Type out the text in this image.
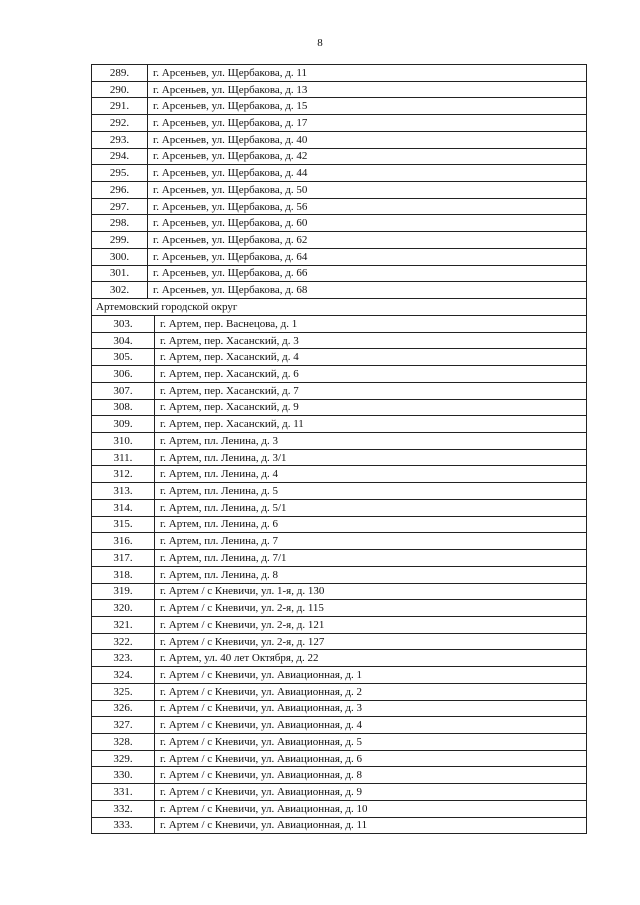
8
289.	г. Арсеньев, ул. Щербакова, д. 11
290.	г. Арсеньев, ул. Щербакова, д. 13
291.	г. Арсеньев, ул. Щербакова, д. 15
292.	г. Арсеньев, ул. Щербакова, д. 17
293.	г. Арсеньев, ул. Щербакова, д. 40
294.	г. Арсеньев, ул. Щербакова, д. 42
295.	г. Арсеньев, ул. Щербакова, д. 44
296.	г. Арсеньев, ул. Щербакова, д. 50
297.	г. Арсеньев, ул. Щербакова, д. 56
298.	г. Арсеньев, ул. Щербакова, д. 60
299.	г. Арсеньев, ул. Щербакова, д. 62
300.	г. Арсеньев, ул. Щербакова, д. 64
301.	г. Арсеньев, ул. Щербакова, д. 66
302.	г. Арсеньев, ул. Щербакова, д. 68
Артемовский городской округ	
303.	г. Артем, пер. Васнецова, д. 1
304.	г. Артем, пер. Хасанский, д. 3
305.	г. Артем, пер. Хасанский, д. 4
306.	г. Артем, пер. Хасанский, д. 6
307.	г. Артем, пер. Хасанский, д. 7
308.	г. Артем, пер. Хасанский, д. 9
309.	г. Артем, пер. Хасанский, д. 11
310.	г. Артем, пл. Ленина, д. 3
311.	г. Артем, пл. Ленина, д. 3/1
312.	г. Артем, пл. Ленина, д. 4
313.	г. Артем, пл. Ленина, д. 5
314.	г. Артем, пл. Ленина, д. 5/1
315.	г. Артем, пл. Ленина, д. 6
316.	г. Артем, пл. Ленина, д. 7
317.	г. Артем, пл. Ленина, д. 7/1
318.	г. Артем, пл. Ленина, д. 8
319.	г. Артем / с Кневичи, ул. 1-я, д. 130
320.	г. Артем / с Кневичи, ул. 2-я, д. 115
321.	г. Артем / с Кневичи, ул. 2-я, д. 121
322.	г. Артем / с Кневичи, ул. 2-я, д. 127
323.	г. Артем, ул. 40 лет Октября, д. 22
324.	г. Артем / с Кневичи, ул. Авиационная, д. 1
325.	г. Артем / с Кневичи, ул. Авиационная, д. 2
326.	г. Артем / с Кневичи, ул. Авиационная, д. 3
327.	г. Артем / с Кневичи, ул. Авиационная, д. 4
328.	г. Артем / с Кневичи, ул. Авиационная, д. 5
329.	г. Артем / с Кневичи, ул. Авиационная, д. 6
330.	г. Артем / с Кневичи, ул. Авиационная, д. 8
331.	г. Артем / с Кневичи, ул. Авиационная, д. 9
332.	г. Артем / с Кневичи, ул. Авиационная, д. 10
333.	г. Артем / с Кневичи, ул. Авиационная, д. 11
